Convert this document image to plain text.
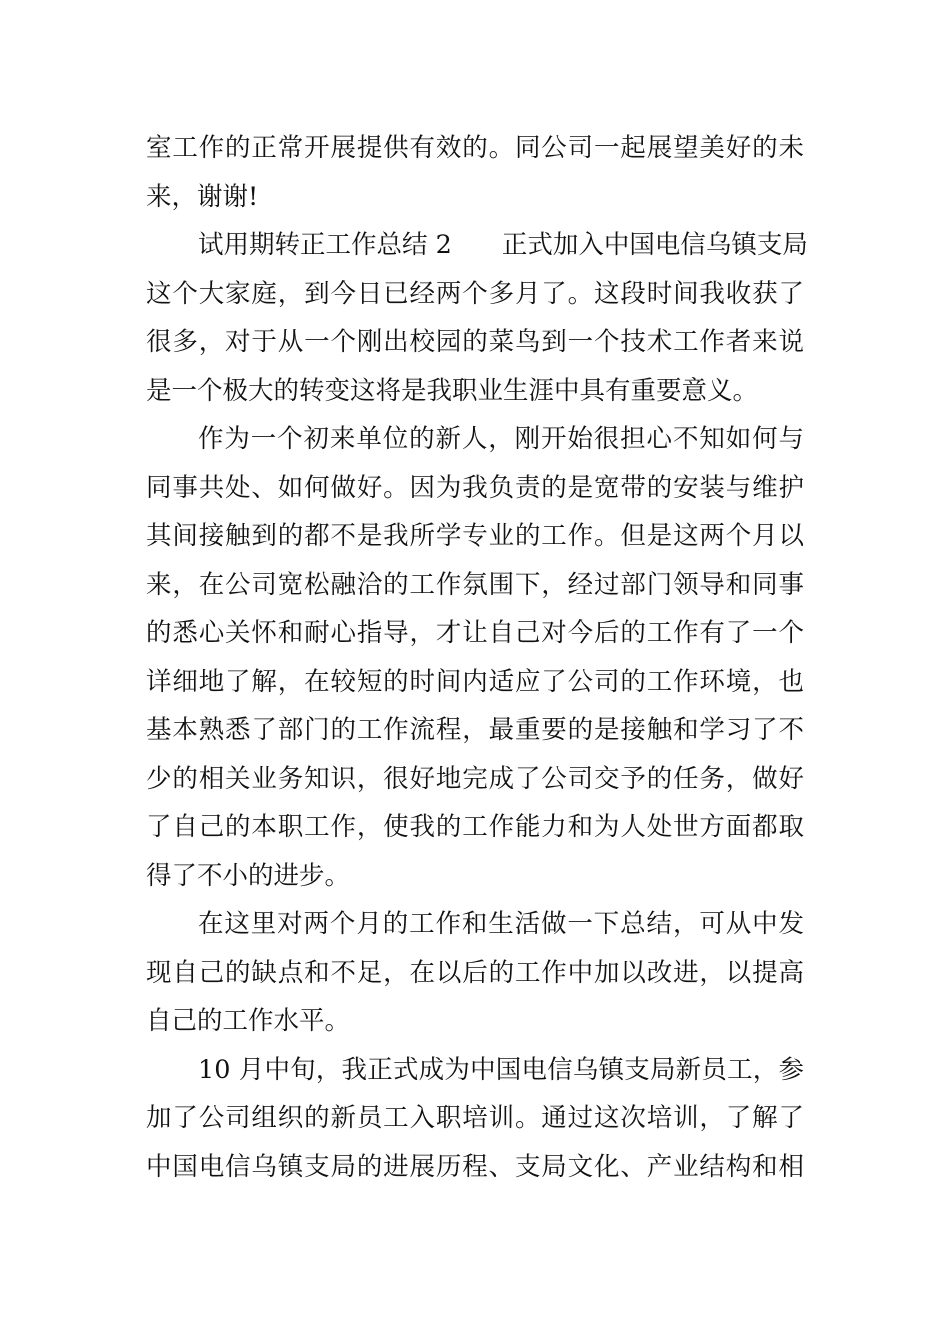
室工作的正常开展提供有效的。同公司一起展望美好的未
来，谢谢!

试用期转正工作总结 2 正式加入中国电信乌镇支局
这个大家庭，到今日已经两个多月了。这段时间我收获了
很多，对于从一个刚出校园的菜鸟到一个技术工作者来说
是一个极大的转变这将是我职业生涯中具有重要意义。

作为一个初来单位的新人，刚开始很担心不知如何与
同事共处、如何做好。因为我负责的是宽带的安装与维护
其间接触到的都不是我所学专业的工作。但是这两个月以
来，在公司宽松融洽的工作氛围下，经过部门领导和同事
的悉心关怀和耐心指导，才让自己对今后的工作有了一个
详细地了解，在较短的时间内适应了公司的工作环境，也
基本熟悉了部门的工作流程，最重要的是接触和学习了不
少的相关业务知识，很好地完成了公司交予的任务，做好
了自己的本职工作，使我的工作能力和为人处世方面都取
得了不小的进步。

在这里对两个月的工作和生活做一下总结，可从中发
现自己的缺点和不足，在以后的工作中加以改进，以提高
自己的工作水平。

10 月中旬，我正式成为中国电信乌镇支局新员工，参
加了公司组织的新员工入职培训。通过这次培训，了解了
中国电信乌镇支局的进展历程、支局文化、产业结构和相
